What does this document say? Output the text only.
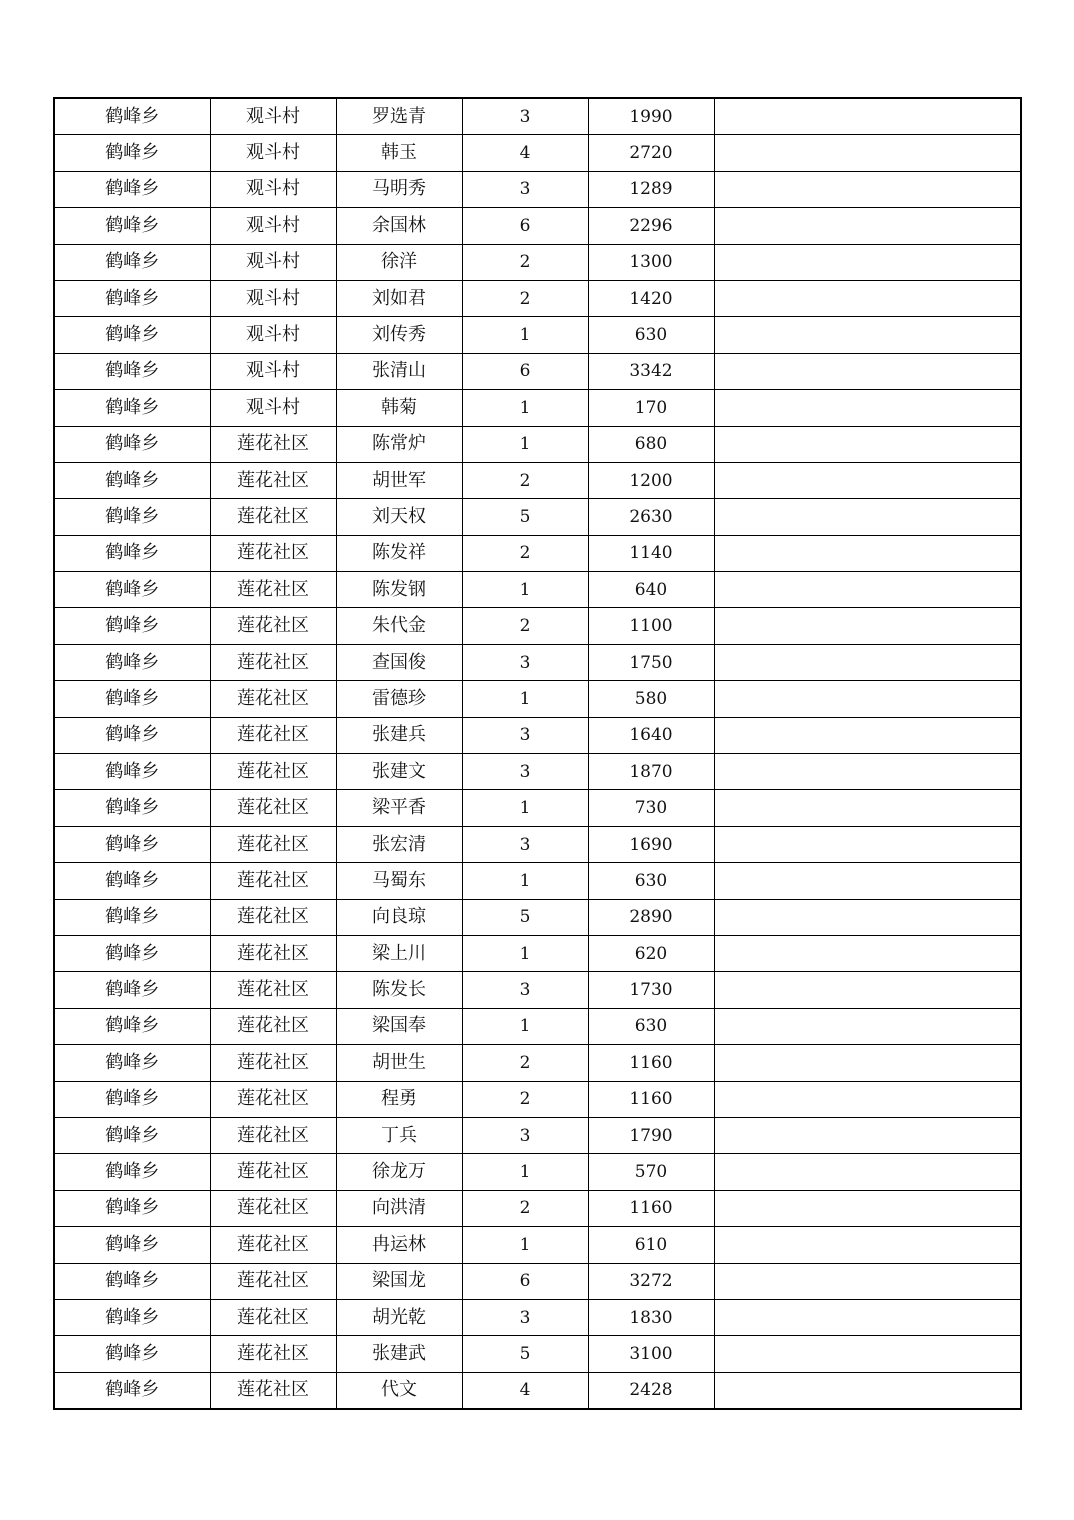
鹤峰乡	观斗村	罗选青	3	1990	
鹤峰乡	观斗村	韩玉	4	2720	
鹤峰乡	观斗村	马明秀	3	1289	
鹤峰乡	观斗村	余国林	6	2296	
鹤峰乡	观斗村	徐洋	2	1300	
鹤峰乡	观斗村	刘如君	2	1420	
鹤峰乡	观斗村	刘传秀	1	630	
鹤峰乡	观斗村	张清山	6	3342	
鹤峰乡	观斗村	韩菊	1	170	
鹤峰乡	莲花社区	陈常炉	1	680	
鹤峰乡	莲花社区	胡世军	2	1200	
鹤峰乡	莲花社区	刘天权	5	2630	
鹤峰乡	莲花社区	陈发祥	2	1140	
鹤峰乡	莲花社区	陈发钢	1	640	
鹤峰乡	莲花社区	朱代金	2	1100	
鹤峰乡	莲花社区	查国俊	3	1750	
鹤峰乡	莲花社区	雷德珍	1	580	
鹤峰乡	莲花社区	张建兵	3	1640	
鹤峰乡	莲花社区	张建文	3	1870	
鹤峰乡	莲花社区	梁平香	1	730	
鹤峰乡	莲花社区	张宏清	3	1690	
鹤峰乡	莲花社区	马蜀东	1	630	
鹤峰乡	莲花社区	向良琼	5	2890	
鹤峰乡	莲花社区	梁上川	1	620	
鹤峰乡	莲花社区	陈发长	3	1730	
鹤峰乡	莲花社区	梁国奉	1	630	
鹤峰乡	莲花社区	胡世生	2	1160	
鹤峰乡	莲花社区	程勇	2	1160	
鹤峰乡	莲花社区	丁兵	3	1790	
鹤峰乡	莲花社区	徐龙万	1	570	
鹤峰乡	莲花社区	向洪清	2	1160	
鹤峰乡	莲花社区	冉运林	1	610	
鹤峰乡	莲花社区	梁国龙	6	3272	
鹤峰乡	莲花社区	胡光乾	3	1830	
鹤峰乡	莲花社区	张建武	5	3100	
鹤峰乡	莲花社区	代文	4	2428	
